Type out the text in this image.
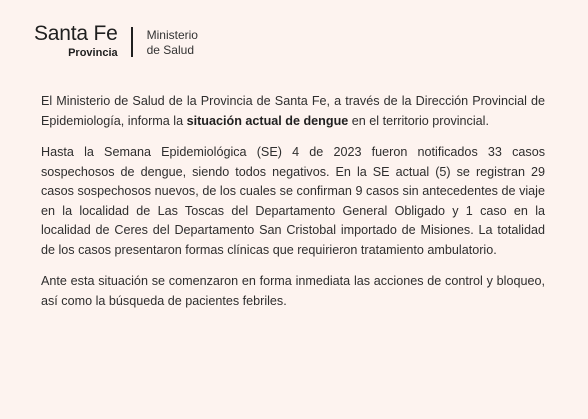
Santa Fe
Provincia
Ministerio
de Salud

El Ministerio de Salud de la Provincia de Santa Fe, a través de la Dirección Provincial de Epidemiología, informa la situación actual de dengue en el territorio provincial.

Hasta la Semana Epidemiológica (SE) 4 de 2023 fueron notificados 33 casos sospechosos de dengue, siendo todos negativos. En la SE actual (5) se registran 29 casos sospechosos nuevos, de los cuales se confirman 9 casos sin antecedentes de viaje en la localidad de Las Toscas del Departamento General Obligado y 1 caso en la localidad de Ceres del Departamento San Cristobal importado de Misiones. La totalidad de los casos presentaron formas clínicas que requirieron tratamiento ambulatorio.

Ante esta situación se comenzaron en forma inmediata las acciones de control y bloqueo, así como la búsqueda de pacientes febriles.
